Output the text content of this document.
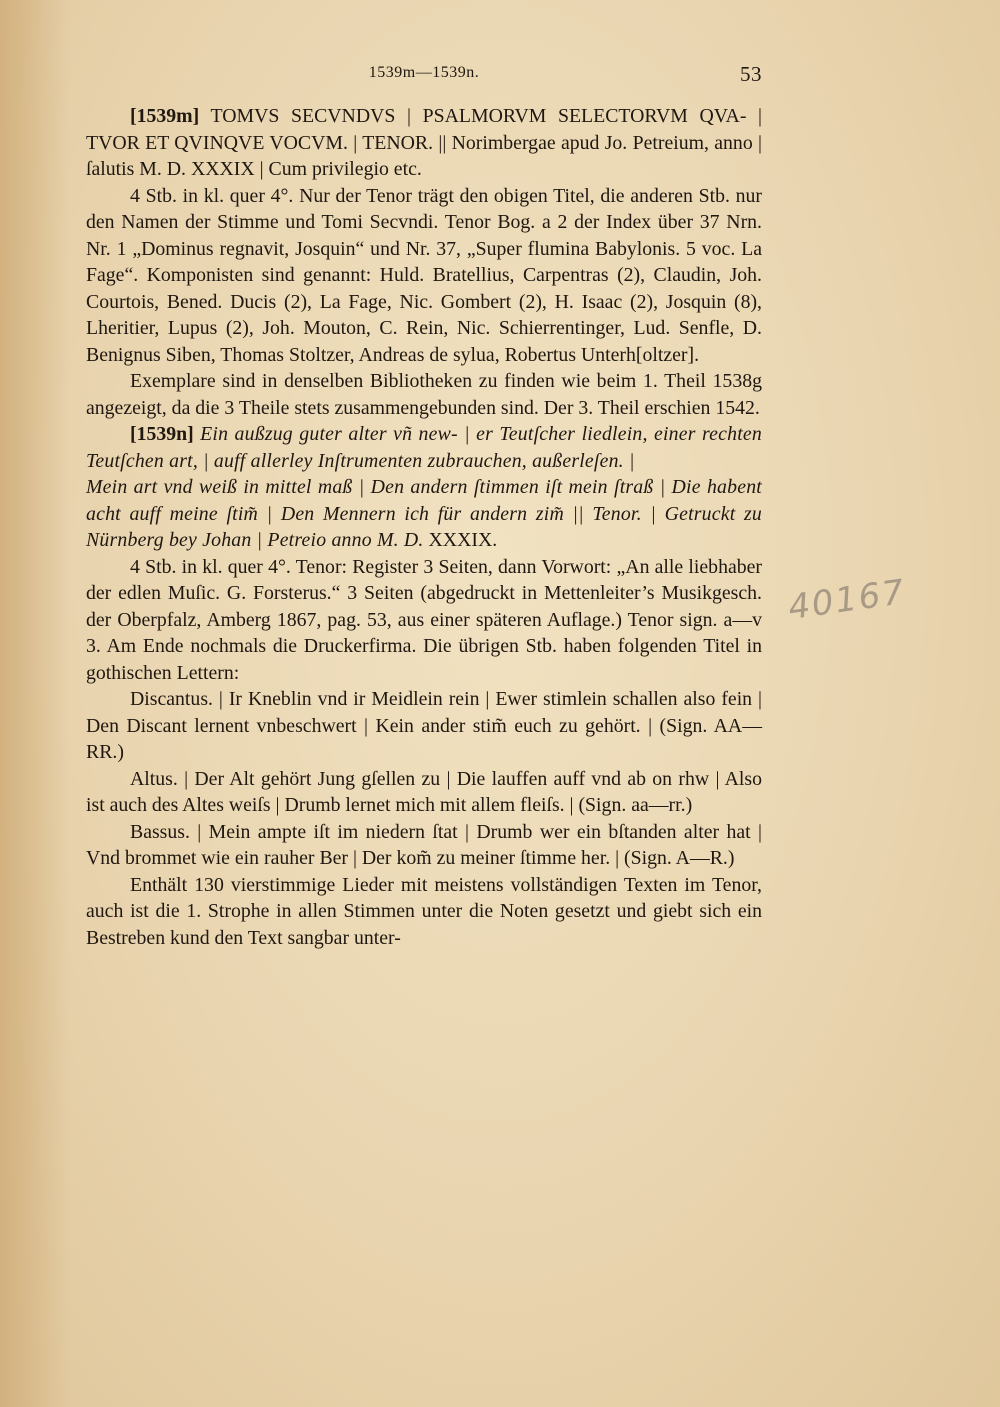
1539m—1539n.	53

[1539m] TOMVS SECVNDVS | PSALMORVM SELECTORVM QVA- | TVOR ET QVINQVE VOCVM. | TENOR. || Norimbergae apud Jo. Petreium, anno | ſalutis M. D. XXXIX | Cum privilegio etc.

4 Stb. in kl. quer 4°. Nur der Tenor trägt den obigen Titel, die anderen Stb. nur den Namen der Stimme und Tomi Secvndi. Tenor Bog. a 2 der Index über 37 Nrn. Nr. 1 „Dominus regnavit, Josquin“ und Nr. 37, „Super flumina Babylonis. 5 voc. La Fage“. Komponisten sind genannt: Huld. Bratellius, Carpentras (2), Claudin, Joh. Courtois, Bened. Ducis (2), La Fage, Nic. Gombert (2), H. Isaac (2), Josquin (8), Lheritier, Lupus (2), Joh. Mouton, C. Rein, Nic. Schierrentinger, Lud. Senfle, D. Benignus Siben, Thomas Stoltzer, Andreas de sylua, Robertus Unterh[oltzer].

Exemplare sind in denselben Bibliotheken zu finden wie beim 1. Theil 1538g angezeigt, da die 3 Theile stets zusammengebunden sind. Der 3. Theil erschien 1542.

[1539n] Ein außzug guter alter vñ new- | er Teutſcher liedlein, einer rechten Teutſchen art, | auff allerley Inſtrumenten zubrauchen, außerleſen. |

Mein art vnd weiß in mittel maß | Den andern ſtimmen iſt mein ſtraß | Die habent acht auff meine ſtim̃ | Den Mennern ich für andern zim̃ || Tenor. | Getruckt zu Nürnberg bey Johan | Petreio anno M. D. XXXIX.

4 Stb. in kl. quer 4°. Tenor: Register 3 Seiten, dann Vorwort: „An alle liebhaber der edlen Muſic. G. Forsterus.“ 3 Seiten (abgedruckt in Mettenleiter’s Musikgesch. der Oberpfalz, Amberg 1867, pag. 53, aus einer späteren Auflage.) Tenor sign. a—v 3. Am Ende nochmals die Druckerfirma. Die übrigen Stb. haben folgenden Titel in gothischen Lettern:

Discantus. | Ir Kneblin vnd ir Meidlein rein | Ewer stimlein schallen also fein | Den Discant lernent vnbeschwert | Kein ander stim̃ euch zu gehört. | (Sign. AA—RR.)

Altus. | Der Alt gehört Jung gſellen zu | Die lauffen auff vnd ab on rhw | Also ist auch des Altes weiſs | Drumb lernet mich mit allem fleiſs. | (Sign. aa—rr.)

Bassus. | Mein ampte iſt im niedern ſtat | Drumb wer ein bſtanden alter hat | Vnd brommet wie ein rauher Ber | Der kom̃ zu meiner ſtimme her. | (Sign. A—R.)

Enthält 130 vierstimmige Lieder mit meistens vollständigen Texten im Tenor, auch ist die 1. Strophe in allen Stimmen unter die Noten gesetzt und giebt sich ein Bestreben kund den Text sangbar unter-

40167
